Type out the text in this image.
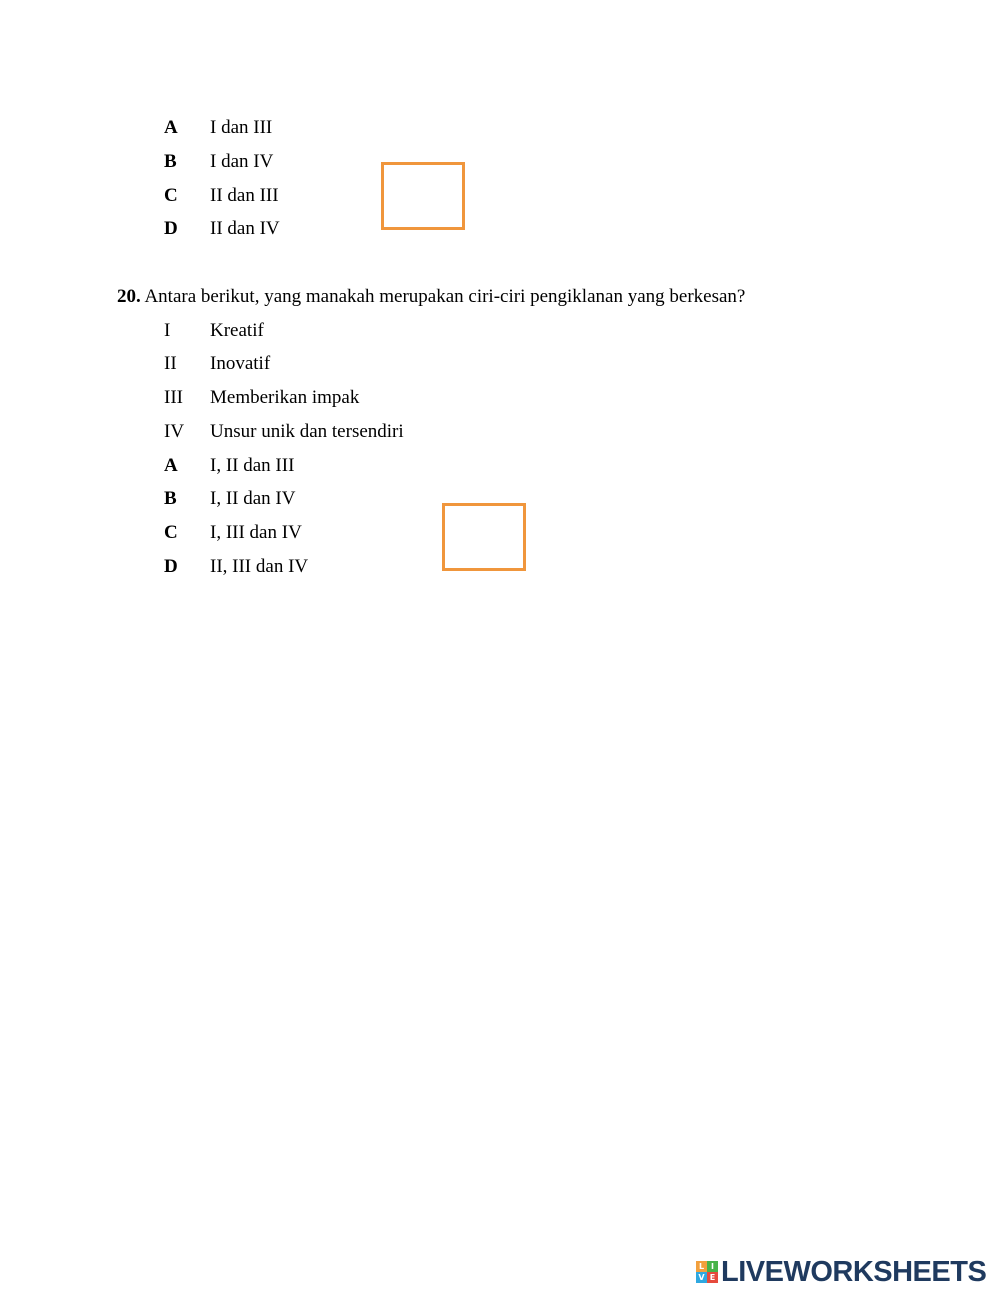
A I dan III
B I dan IV
C II dan III
D II dan IV
20. Antara berikut, yang manakah merupakan ciri-ciri pengiklanan yang berkesan?
I Kreatif
II Inovatif
III Memberikan impak
IV Unsur unik dan tersendiri
A I, II dan III
B I, II dan IV
C I, III dan IV
D II, III dan IV
L I
V E LIVEWORKSHEETS
